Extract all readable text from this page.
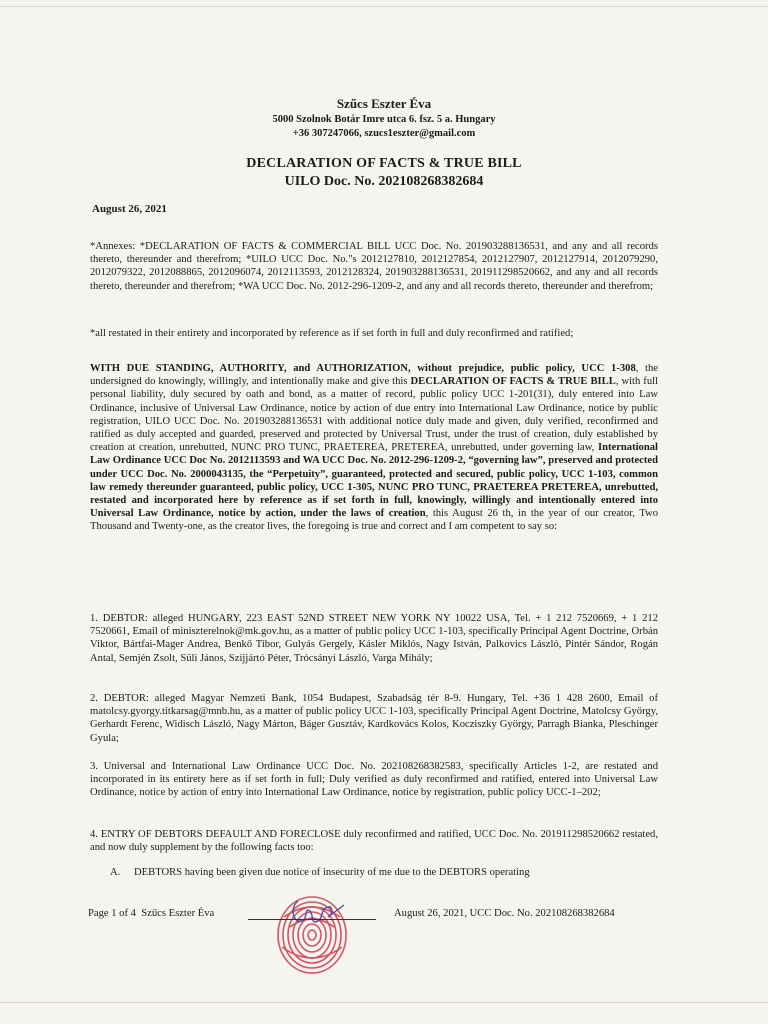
Szűcs Eszter Éva
5000 Szolnok Botár Imre utca 6. fsz. 5 a. Hungary
+36 307247066, szucs1eszter@gmail.com
DECLARATION OF FACTS & TRUE BILL
UILO Doc. No. 202108268382684
August 26, 2021
*Annexes: *DECLARATION OF FACTS & COMMERCIAL BILL UCC Doc. No. 201903288136531, and any and all records thereto, thereunder and therefrom; *UILO UCC Doc. No."s 2012127810, 2012127854, 2012127907, 2012127914, 2012079290, 2012079322, 2012088865, 2012096074, 2012113593, 2012128324, 201903288136531, 201911298520662, and any and all records thereto, thereunder and therefrom; *WA UCC Doc. No. 2012-296-1209-2, and any and all records thereto, thereunder and therefrom;
*all restated in their entirety and incorporated by reference as if set forth in full and duly reconfirmed and ratified;
WITH DUE STANDING, AUTHORITY, and AUTHORIZATION, without prejudice, public policy, UCC 1-308, the undersigned do knowingly, willingly, and intentionally make and give this DECLARATION OF FACTS & TRUE BILL, with full personal liability, duly secured by oath and bond, as a matter of record, public policy UCC 1-201(31), duly entered into Law Ordinance, inclusive of Universal Law Ordinance, notice by action of due entry into International Law Ordinance, notice by public registration, UILO UCC Doc. No. 201903288136531 with additional notice duly made and given, duly verified, reconfirmed and ratified as duly accepted and guarded, preserved and protected by Universal Trust, under the trust of creation, duly established by creation at creation, unrebutted, NUNC PRO TUNC, PRAETEREA, PRETEREA, unrebutted, under governing law, International Law Ordinance UCC Doc No. 2012113593 and WA UCC Doc. No. 2012-296-1209-2, “governing law”, preserved and protected under UCC Doc. No. 2000043135, the “Perpetuity”, guaranteed, protected and secured, public policy, UCC 1-103, common law remedy thereunder guaranteed, public policy, UCC 1-305, NUNC PRO TUNC, PRAETEREA PRETEREA, unrebutted, restated and incorporated here by reference as if set forth in full, knowingly, willingly and intentionally entered into Universal Law Ordinance, notice by action, under the laws of creation, this August 26 th, in the year of our creator, Two Thousand and Twenty-one, as the creator lives, the foregoing is true and correct and I am competent to say so:
1. DEBTOR: alleged HUNGARY, 223 EAST 52ND STREET NEW YORK NY 10022 USA, Tel. + 1 212 7520669, + 1 212 7520661, Email of miniszterelnok@mk.gov.hu, as a matter of public policy UCC 1-103, specifically Principal Agent Doctrine, Orbán Viktor, Bártfai-Mager Andrea, Benkő Tibor, Gulyás Gergely, Kásler Miklós, Nagy István, Palkovics László, Pintér Sándor, Rogán Antal, Semjén Zsolt, Süli János, Szijjártó Péter, Trócsányi László, Varga Mihály;
2. DEBTOR: alleged Magyar Nemzeti Bank, 1054 Budapest, Szabadság tér 8-9. Hungary, Tel. +36 1 428 2600, Email of matolcsy.gyorgy.titkarsag@mnb.hu, as a matter of public policy UCC 1-103, specifically Principal Agent Doctrine, Matolcsy György, Gerhardt Ferenc, Widisch László, Nagy Márton, Báger Gusztáv, Kardkovács Kolos, Kocziszky György, Parragh Bianka, Pleschinger Gyula;
3. Universal and International Law Ordinance UCC Doc. No. 202108268382583, specifically Articles 1-2, are restated and incorporated in its entirety here as if set forth in full; Duly verified as duly reconfirmed and ratified, entered into Universal Law Ordinance, notice by action of entry into International Law Ordinance, notice by registration, public policy UCC-1–202;
4. ENTRY OF DEBTORS DEFAULT AND FORECLOSE duly reconfirmed and ratified, UCC Doc. No. 201911298520662 restated, and now duly supplement by the following facts too:
A. DEBTORS having been given due notice of insecurity of me due to the DEBTORS operating
Page 1 of 4 Szűcs Eszter Éva	August 26, 2021, UCC Doc. No. 202108268382684
